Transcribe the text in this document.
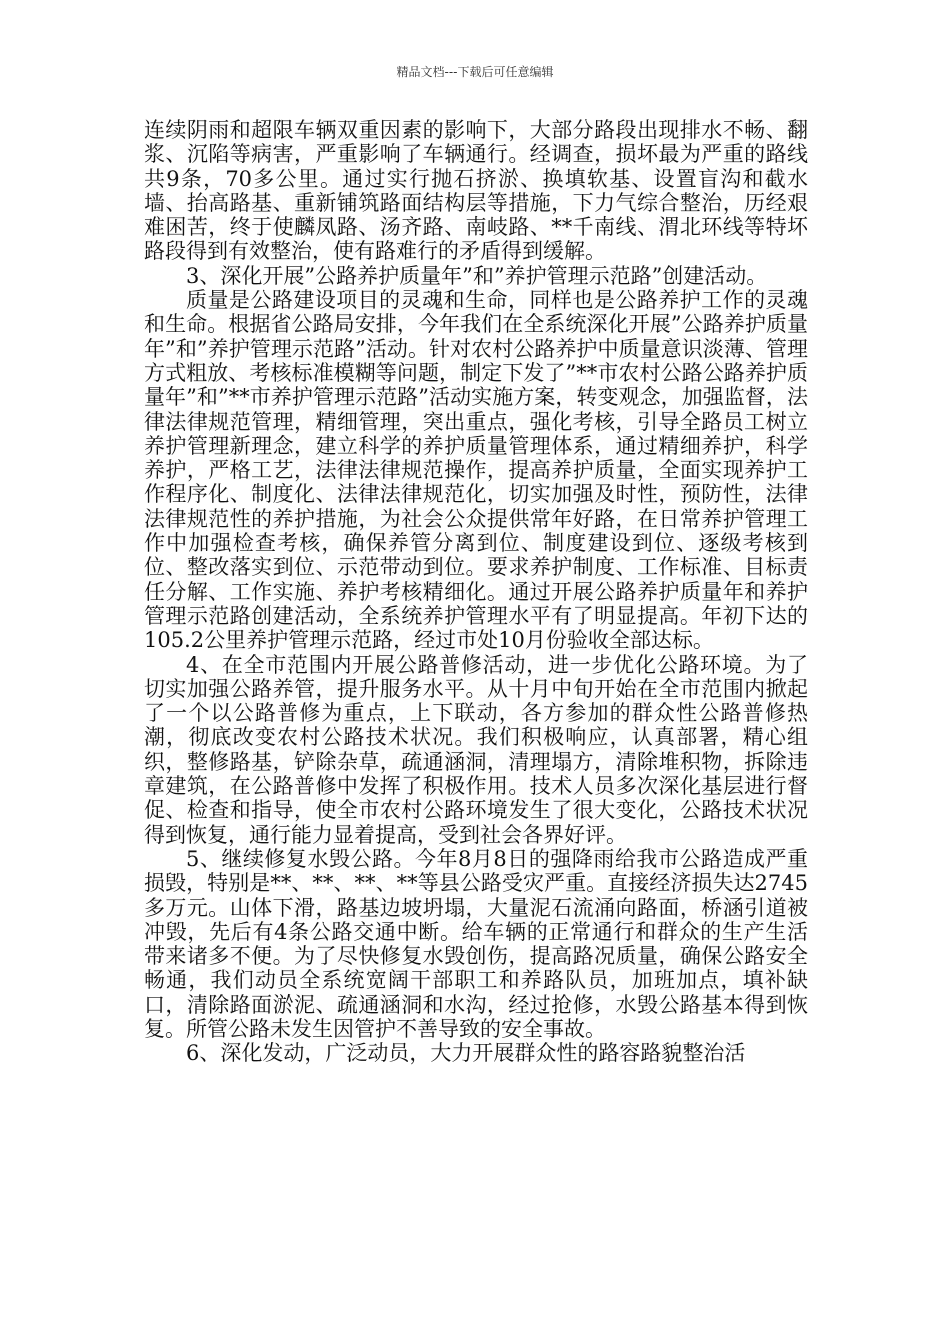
精品文档---下载后可任意编辑

连续阴雨和超限车辆双重因素的影响下，大部分路段出现排水不畅、翻浆、沉陷等病害，严重影响了车辆通行。经调查，损坏最为严重的路线共9条，70多公里。通过实行抛石挤淤、换填软基、设置盲沟和截水墙、抬高路基、重新铺筑路面结构层等措施，下力气综合整治，历经艰难困苦，终于使麟凤路、汤齐路、南岐路、**千南线、渭北环线等特坏路段得到有效整治，使有路难行的矛盾得到缓解。

3、深化开展”公路养护质量年”和”养护管理示范路”创建活动。

质量是公路建设项目的灵魂和生命，同样也是公路养护工作的灵魂和生命。根据省公路局安排，今年我们在全系统深化开展”公路养护质量年”和”养护管理示范路”活动。针对农村公路养护中质量意识淡薄、管理方式粗放、考核标准模糊等问题，制定下发了”**市农村公路公路养护质量年”和”**市养护管理示范路”活动实施方案，转变观念，加强监督，法律法律规范管理，精细管理，突出重点，强化考核，引导全路员工树立养护管理新理念，建立科学的养护质量管理体系，通过精细养护，科学养护，严格工艺，法律法律规范操作，提高养护质量，全面实现养护工作程序化、制度化、法律法律规范化，切实加强及时性，预防性，法律法律规范性的养护措施，为社会公众提供常年好路，在日常养护管理工作中加强检查考核，确保养管分离到位、制度建设到位、逐级考核到位、整改落实到位、示范带动到位。要求养护制度、工作标准、目标责任分解、工作实施、养护考核精细化。通过开展公路养护质量年和养护管理示范路创建活动，全系统养护管理水平有了明显提高。年初下达的105.2公里养护管理示范路，经过市处10月份验收全部达标。

4、在全市范围内开展公路普修活动，进一步优化公路环境。为了切实加强公路养管，提升服务水平。从十月中旬开始在全市范围内掀起了一个以公路普修为重点，上下联动，各方参加的群众性公路普修热潮，彻底改变农村公路技术状况。我们积极响应，认真部署，精心组织，整修路基，铲除杂草，疏通涵洞，清理塌方，清除堆积物，拆除违章建筑，在公路普修中发挥了积极作用。技术人员多次深化基层进行督促、检查和指导，使全市农村公路环境发生了很大变化，公路技术状况得到恢复，通行能力显着提高，受到社会各界好评。

5、继续修复水毁公路。今年8月8日的强降雨给我市公路造成严重损毁，特别是**、**、**、**等县公路受灾严重。直接经济损失达2745多万元。山体下滑，路基边坡坍塌，大量泥石流涌向路面，桥涵引道被冲毁，先后有4条公路交通中断。给车辆的正常通行和群众的生产生活带来诸多不便。为了尽快修复水毁创伤，提高路况质量，确保公路安全畅通，我们动员全系统宽阔干部职工和养路队员，加班加点，填补缺口，清除路面淤泥、疏通涵洞和水沟，经过抢修，水毁公路基本得到恢复。所管公路未发生因管护不善导致的安全事故。

6、深化发动，广泛动员，大力开展群众性的路容路貌整治活
